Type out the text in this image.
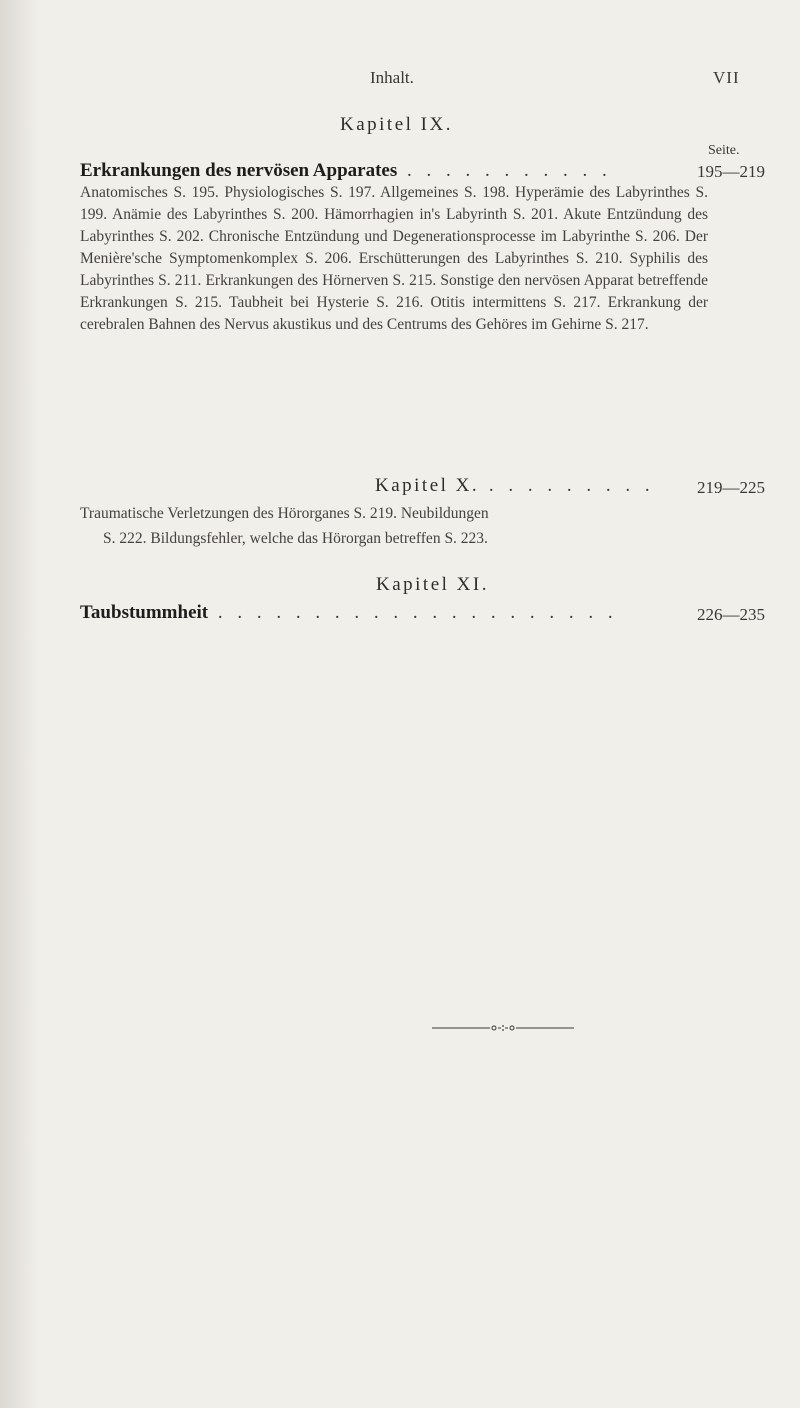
Inhalt.	VII
Kapitel IX.
Seite.
Erkrankungen des nervösen Apparates . . . . . . . . . . .	195—219
Anatomisches S. 195. Physiologisches S. 197. Allgemeines S. 198. Hyperämie des Labyrinthes S. 199. Anämie des Labyrinthes S. 200. Hämorrhagien in's Labyrinth S. 201. Akute Entzündung des Labyrinthes S. 202. Chronische Entzündung und Degenerationsprocesse im Labyrinthe S. 206. Der Menière'sche Symptomenkomplex S. 206. Erschütterungen des Labyrinthes S. 210. Syphilis des Labyrinthes S. 211. Erkrankungen des Hörnerven S. 215. Sonstige den nervösen Apparat betreffende Erkrankungen S. 215. Taubheit bei Hysterie S. 216. Otitis intermittens S. 217. Erkrankung der cerebralen Bahnen des Nervus akustikus und des Centrums des Gehöres im Gehirne S. 217.
Kapitel X. . . . . . . . . . 219—225
Traumatische Verletzungen des Hörorganes S. 219. Neubildungen
S. 222. Bildungsfehler, welche das Hörorgan betreffen S. 223.
Kapitel XI.
Taubstummheit . . . . . . . . . . . . . . . . . . . . .	226—235
